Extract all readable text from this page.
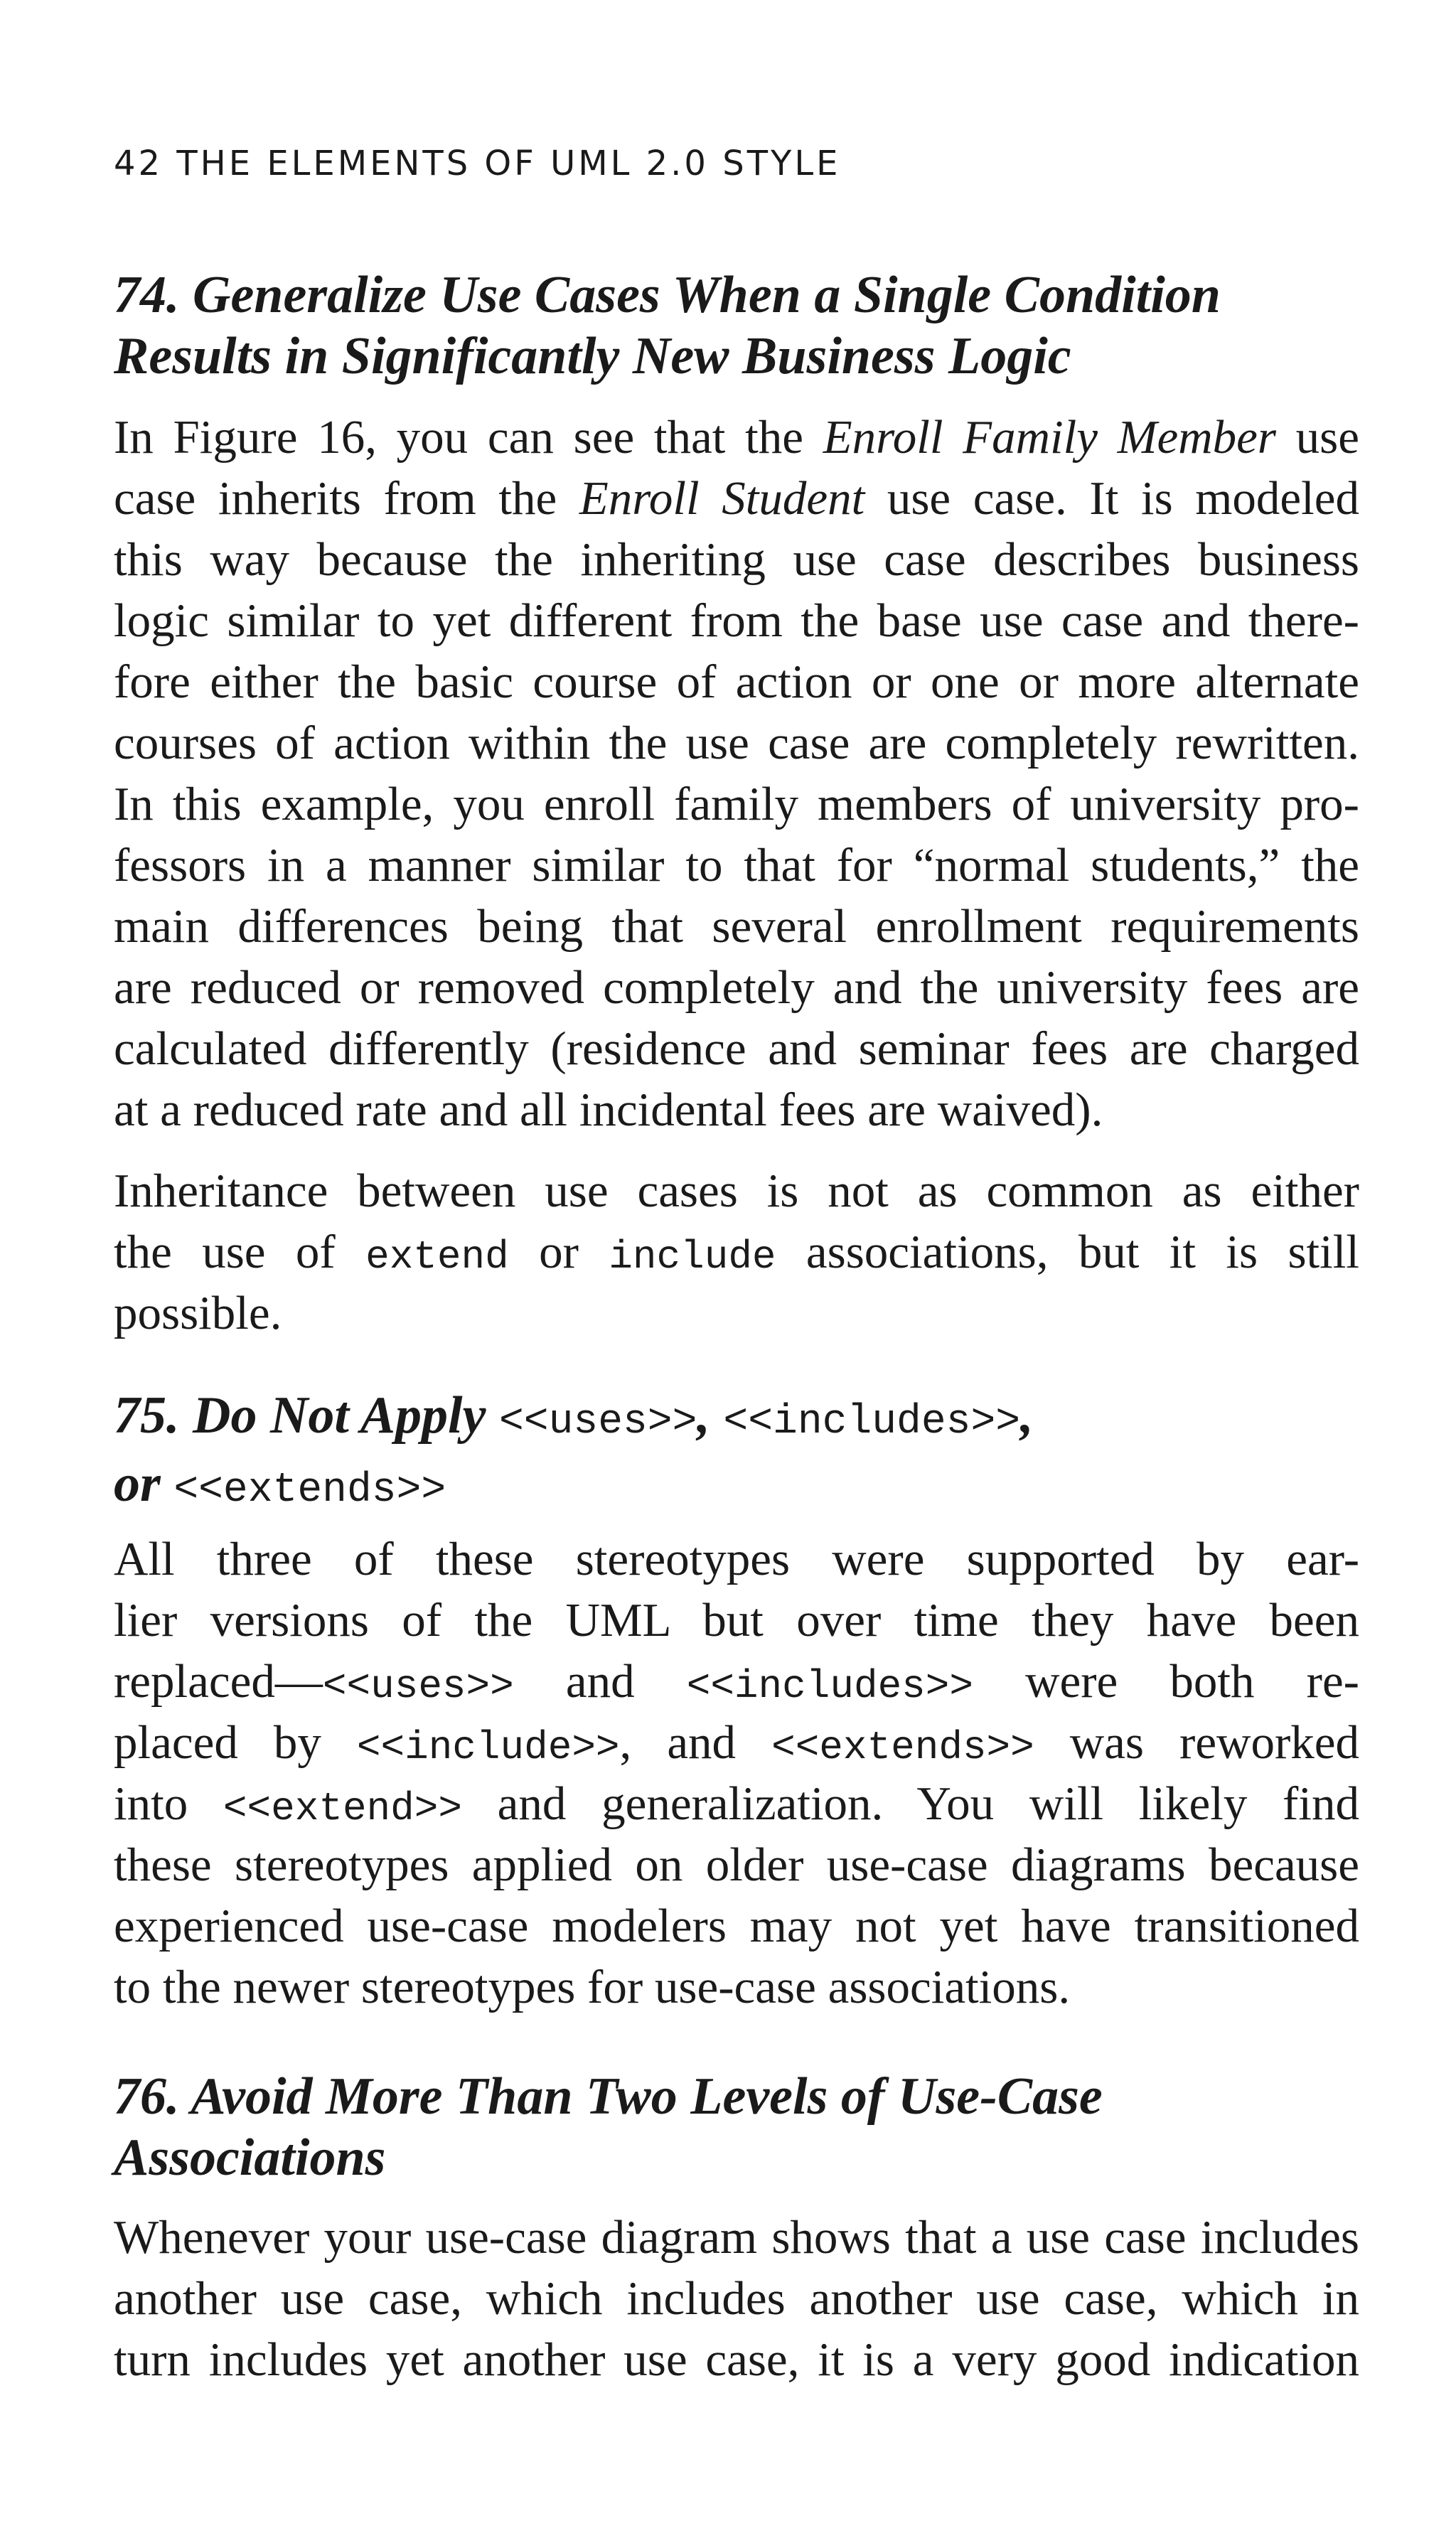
42 THE ELEMENTS OF UML 2.0 STYLE
74. Generalize Use Cases When a Single Condition
Results in Significantly New Business Logic

In Figure 16, you can see that the Enroll Family Member use
case inherits from the Enroll Student use case. It is modeled
this way because the inheriting use case describes business
logic similar to yet different from the base use case and there-
fore either the basic course of action or one or more alternate
courses of action within the use case are completely rewritten.
In this example, you enroll family members of university pro-
fessors in a manner similar to that for “normal students,” the
main differences being that several enrollment requirements
are reduced or removed completely and the university fees are
calculated differently (residence and seminar fees are charged
at a reduced rate and all incidental fees are waived).

Inheritance between use cases is not as common as either
the use of extend or include associations, but it is still
possible.

75. Do Not Apply <<uses>>, <<includes>>,
or <<extends>>

All three of these stereotypes were supported by ear-
lier versions of the UML but over time they have been
replaced—<<uses>> and <<includes>> were both re-
placed by <<include>>, and <<extends>> was reworked
into <<extend>> and generalization. You will likely find
these stereotypes applied on older use-case diagrams because
experienced use-case modelers may not yet have transitioned
to the newer stereotypes for use-case associations.

76. Avoid More Than Two Levels of Use-Case
Associations

Whenever your use-case diagram shows that a use case includes
another use case, which includes another use case, which in
turn includes yet another use case, it is a very good indication
